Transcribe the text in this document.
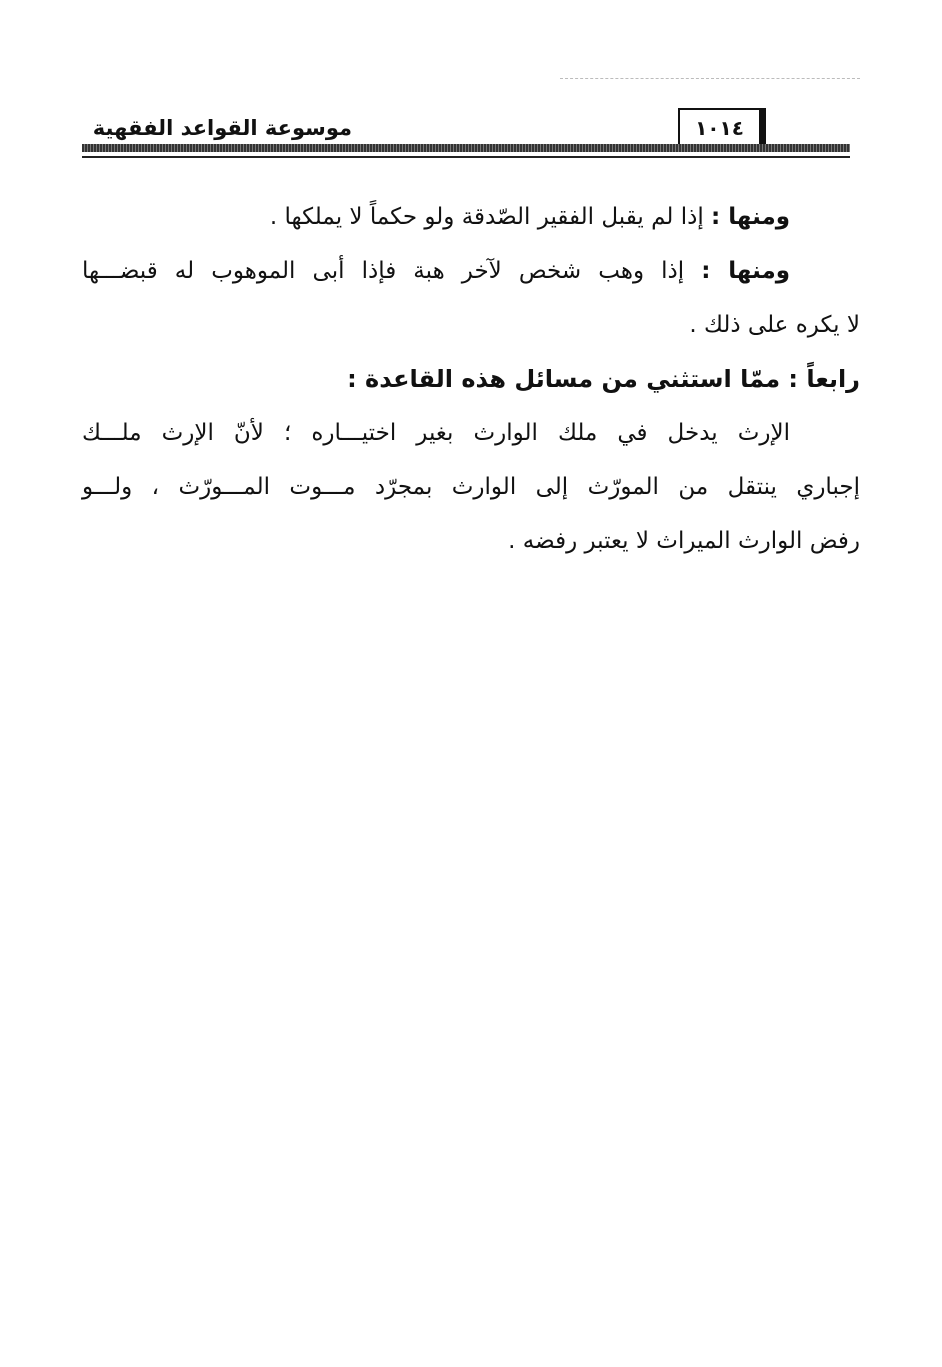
موسوعة القواعد الفقهية	١٠١٤
ومنها : إذا لم يقبل الفقير الصّدقة ولو حكماً لا يملكها .
ومنها : إذا وهب شخص لآخر هبة فإذا أبى الموهوب له قبضـــها
لا يكره على ذلك .
رابعاً : ممّا استثني من مسائل هذه القاعدة :
الإرث يدخل في ملك الوارث بغير اختيـــاره ؛ لأنّ الإرث ملـــك
إجباري ينتقل من المورّث إلى الوارث بمجرّد مـــوت المـــورّث ، ولـــو
رفض الوارث الميراث لا يعتبر رفضه .
